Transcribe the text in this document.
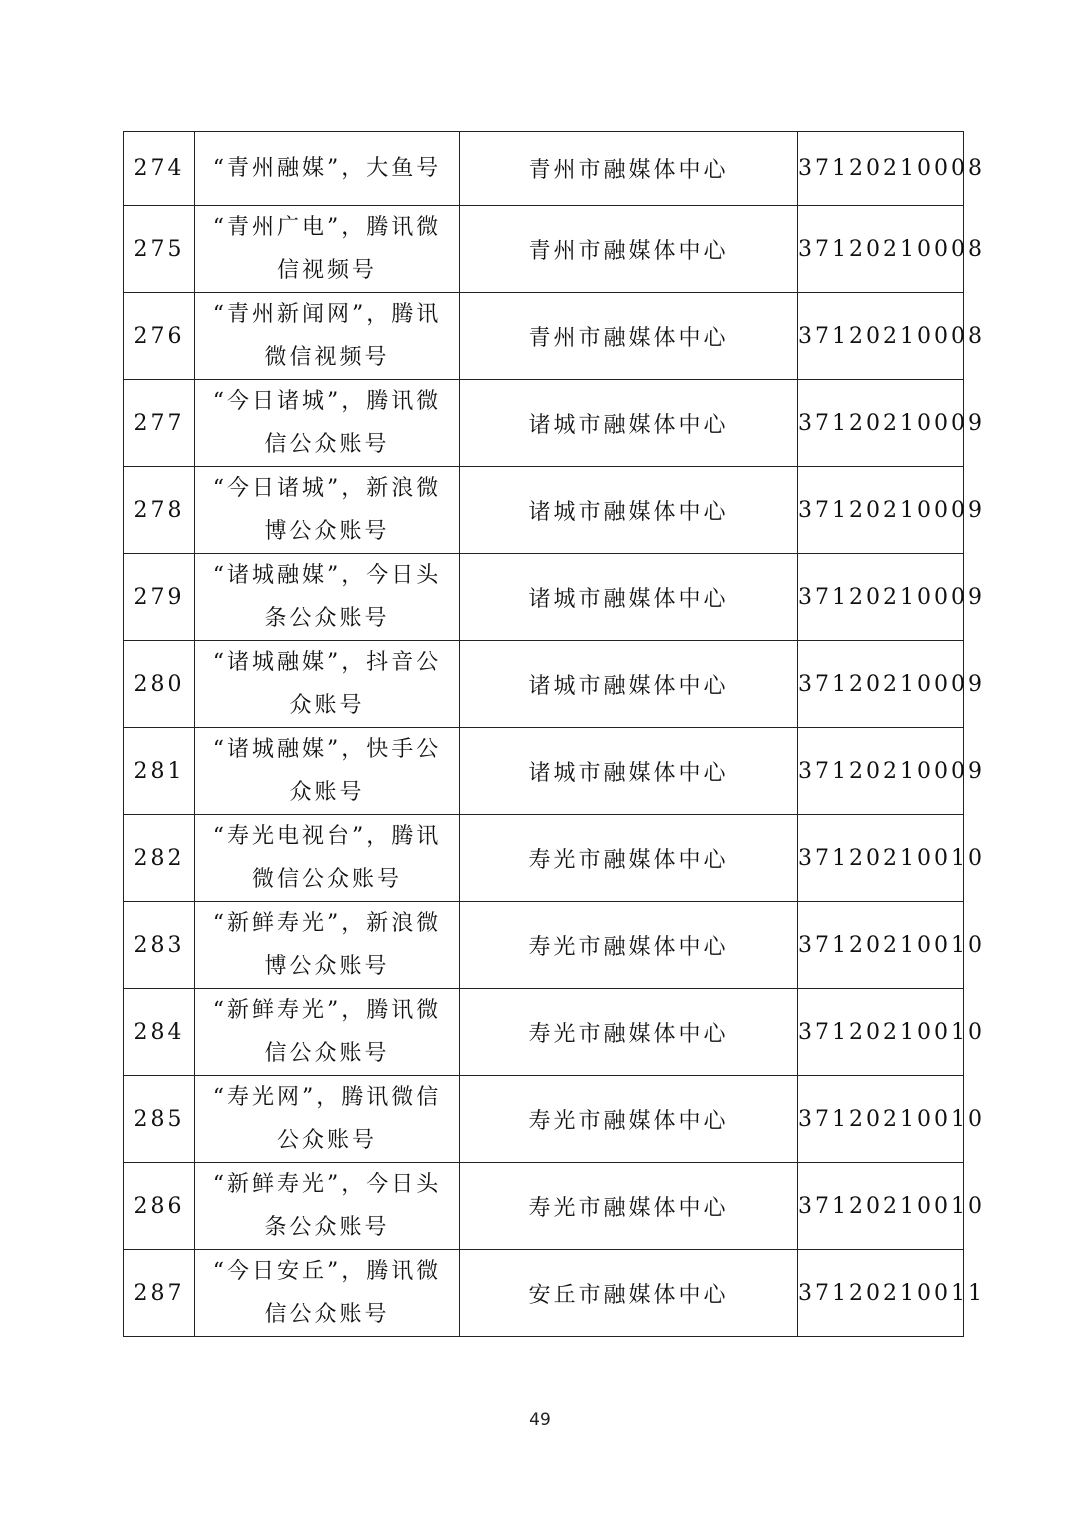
274	“青州融媒”，大鱼号	青州市融媒体中心	37120210008
275	“青州广电”，腾讯微信视频号	青州市融媒体中心	37120210008
276	“青州新闻网”，腾讯微信视频号	青州市融媒体中心	37120210008
277	“今日诸城”，腾讯微信公众账号	诸城市融媒体中心	37120210009
278	“今日诸城”，新浪微博公众账号	诸城市融媒体中心	37120210009
279	“诸城融媒”，今日头条公众账号	诸城市融媒体中心	37120210009
280	“诸城融媒”，抖音公众账号	诸城市融媒体中心	37120210009
281	“诸城融媒”，快手公众账号	诸城市融媒体中心	37120210009
282	“寿光电视台”，腾讯微信公众账号	寿光市融媒体中心	37120210010
283	“新鲜寿光”，新浪微博公众账号	寿光市融媒体中心	37120210010
284	“新鲜寿光”，腾讯微信公众账号	寿光市融媒体中心	37120210010
285	“寿光网”，腾讯微信公众账号	寿光市融媒体中心	37120210010
286	“新鲜寿光”，今日头条公众账号	寿光市融媒体中心	37120210010
287	“今日安丘”，腾讯微信公众账号	安丘市融媒体中心	37120210011
49
